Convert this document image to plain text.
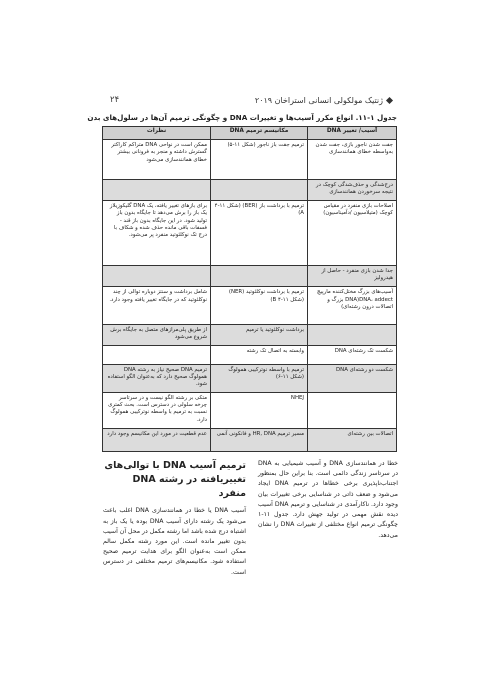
ژنتیک مولکولی انسانی استراخان ۲۰۱۹
۲۴
جدول ۱-۱۱. انواع مکرر آسیب‌ها و تغییرات DNA و چگونگی ترمیم آن‌ها در سلول‌های بدن
آسیب/ تغییر DNA	مکانیسم ترمیم DNA	نظرات
جفت شدن ناجور بازی، جفت شدن به‌واسطه خطای همانندسازی	ترمیم جفت باز ناجور (شکل ۱۱-۵)	ممکن است در نواحی DNA متراکم کاراکتر گسترش داشته و منجر به فرونانی بیشتر خطای همانندسازی می‌شود
درج‌شدگی و حذف‌شدگی کوچک در نتیجه سرخوردن همانندسازی		
اصلاحات بازی منفرد در مقیاس کوچک (متیلاسیون /دآمیناسیون)	ترمیم با برداشت باز (BER) (شکل ۱۱-۴ A)	برای بازهای تغییر یافته، یک DNA گلیکوزیلاز یک باز را برش می‌دهد تا جایگاه بدون باز تولید شود. در این جایگاه بدون باز قند - فسفات باقی مانده حذف شده و شکاف با درج تک نوکلئوتید منفرد پر می‌شود.
جدا شدن بازی منفرد - حاصل از هیدرولیز		
آسیب‌های بزرگ مختل‌کننده مارپیچ DNA، addect(DNA بزرگ و اتصالات درون رشته‌ای)	ترمیم با برداشت نوکلئوتید (NER) (شکل ۱۱-۴ B)	شامل برداشت و سنتز دوباره توالی از چند نوکلئوتید که در جایگاه تغییر یافته وجود دارد.
	برداشت نوکلئوتید یا ترمیم	از طریق پلی‌مرازهای متصل به جایگاه برش شروع می‌شود
شکست تک رشته‌ای DNA	وابسته به اتصال تک رشته	
شکست دو رشته‌ای DNA	ترمیم با واسطه نوترکیبی همولوگ (شکل ۱۱-۶)	ترمیم DNA صحیح نیاز به رشته DNA همولوگ صحیح دارد که به‌عنوان الگو استفاده شود.
	NHEJ	متکی بر رشته الگو نیست و در سرتاسر چرخه سلولی در دسترس است. بحث کمتری نسبت به ترمیم با واسطه نوترکیبی همولوگ دارد.
اتصالات بین رشته‌ای	مسیر ترمیم HR, DNA و فانکونی آنمی	عدم قطعیت در مورد این مکانیسم وجود دارد

خطا در همانندسازی DNA و آسیب شیمیایی به DNA در سرتاسر زندگی دائمی است. بنا براین حال بمنظور اجتناب‌ناپذیری برخی خطاها در ترمیم DNA ایجاد می‌شود و ضعف ذاتی در شناسایی برخی تغییرات بیان وجود دارد. ناکارآمدی در شناسایی و ترمیم DNA آسیب دیده نقش مهمی در تولید جهش دارد. جدول ۱۱-۱ چگونگی ترمیم انواع مختلفی از تغییرات DNA را نشان می‌دهد.

ترمیم آسیب DNA با توالی‌های تغییریافته در رشته DNA منفرد

آسیب DNA یا خطا در همانندسازی DNA اغلب باعث می‌شود یک رشته دارای آسیب DNA بوده یا یک باز به اشتباه درج شده باشد اما رشته مکمل در محل آن آسیب بدون تغییر مانده است. این مورد رشته مکمل سالم ممکن است به‌عنوان الگو برای هدایت ترمیم صحیح استفاده شود. مکانیسم‌های ترمیم مختلفی در دسترس است.
